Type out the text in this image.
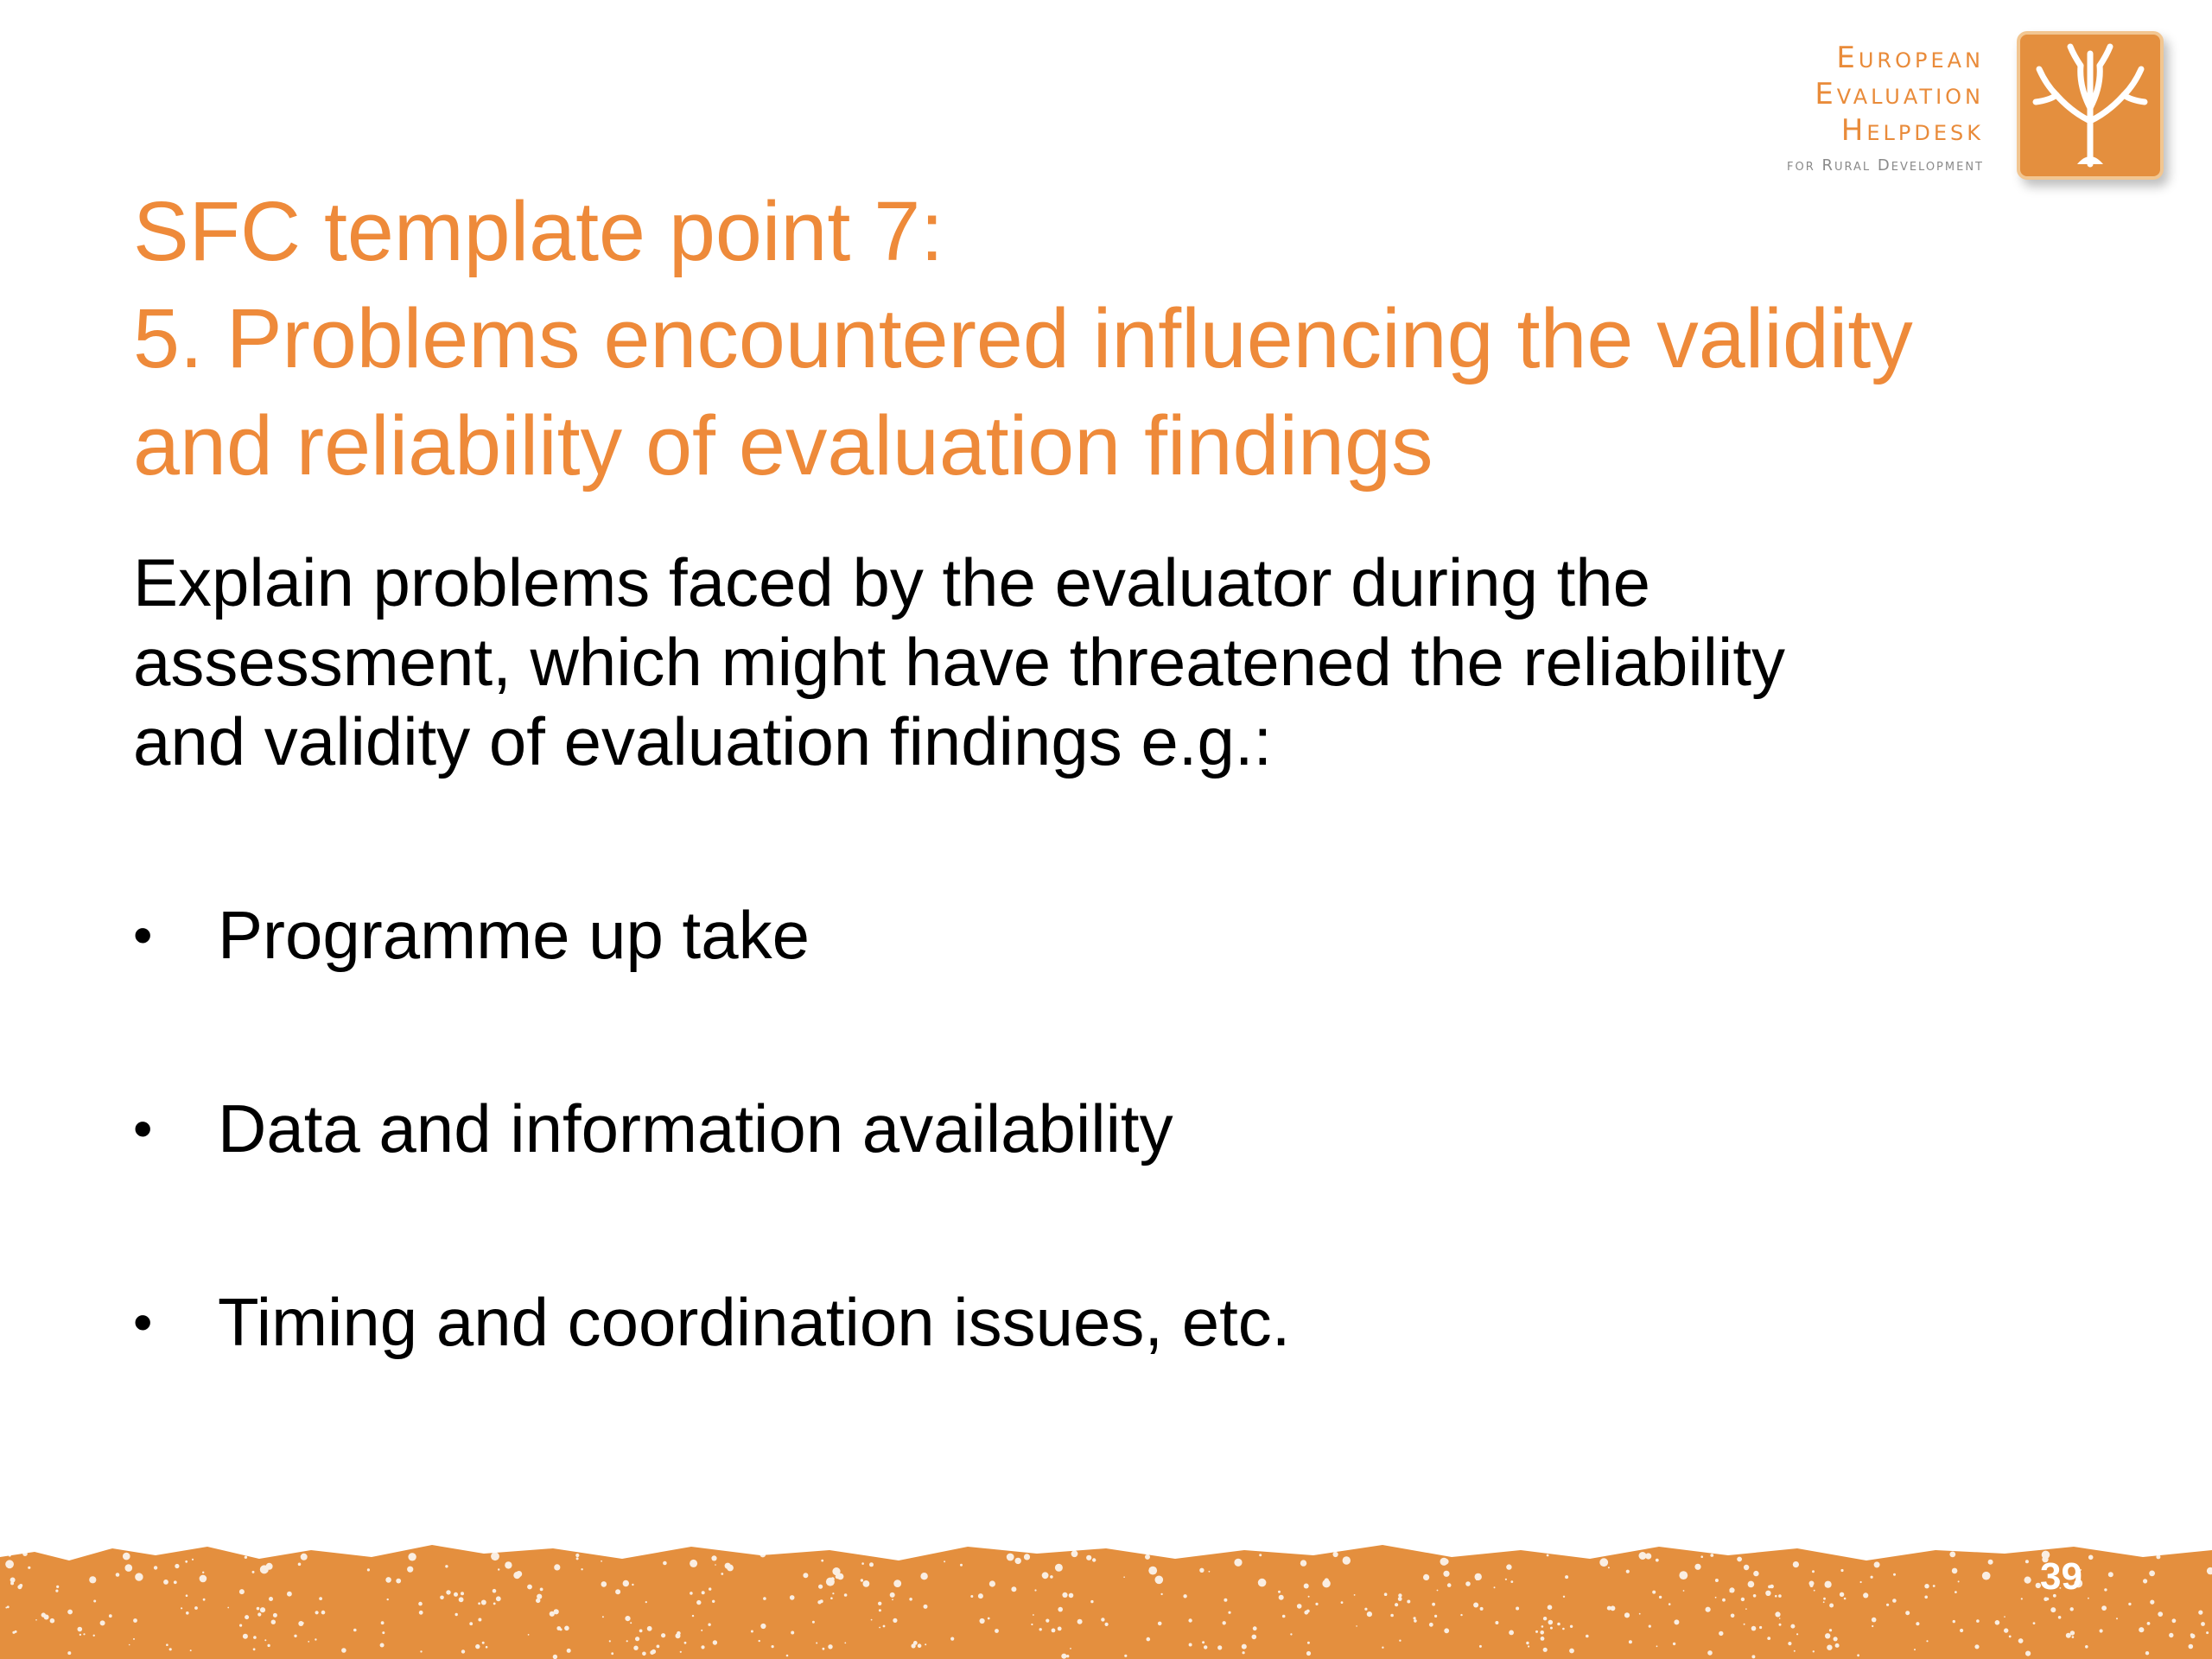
European
Evaluation
Helpdesk
for Rural Development
SFC template point 7:
5. Problems encountered influencing the validity
and reliability of evaluation findings
Explain problems faced by the evaluator during the
assessment, which might have threatened the reliability
and validity of evaluation findings e.g.:
• Programme up take
• Data and information availability
• Timing and coordination issues, etc.
39
